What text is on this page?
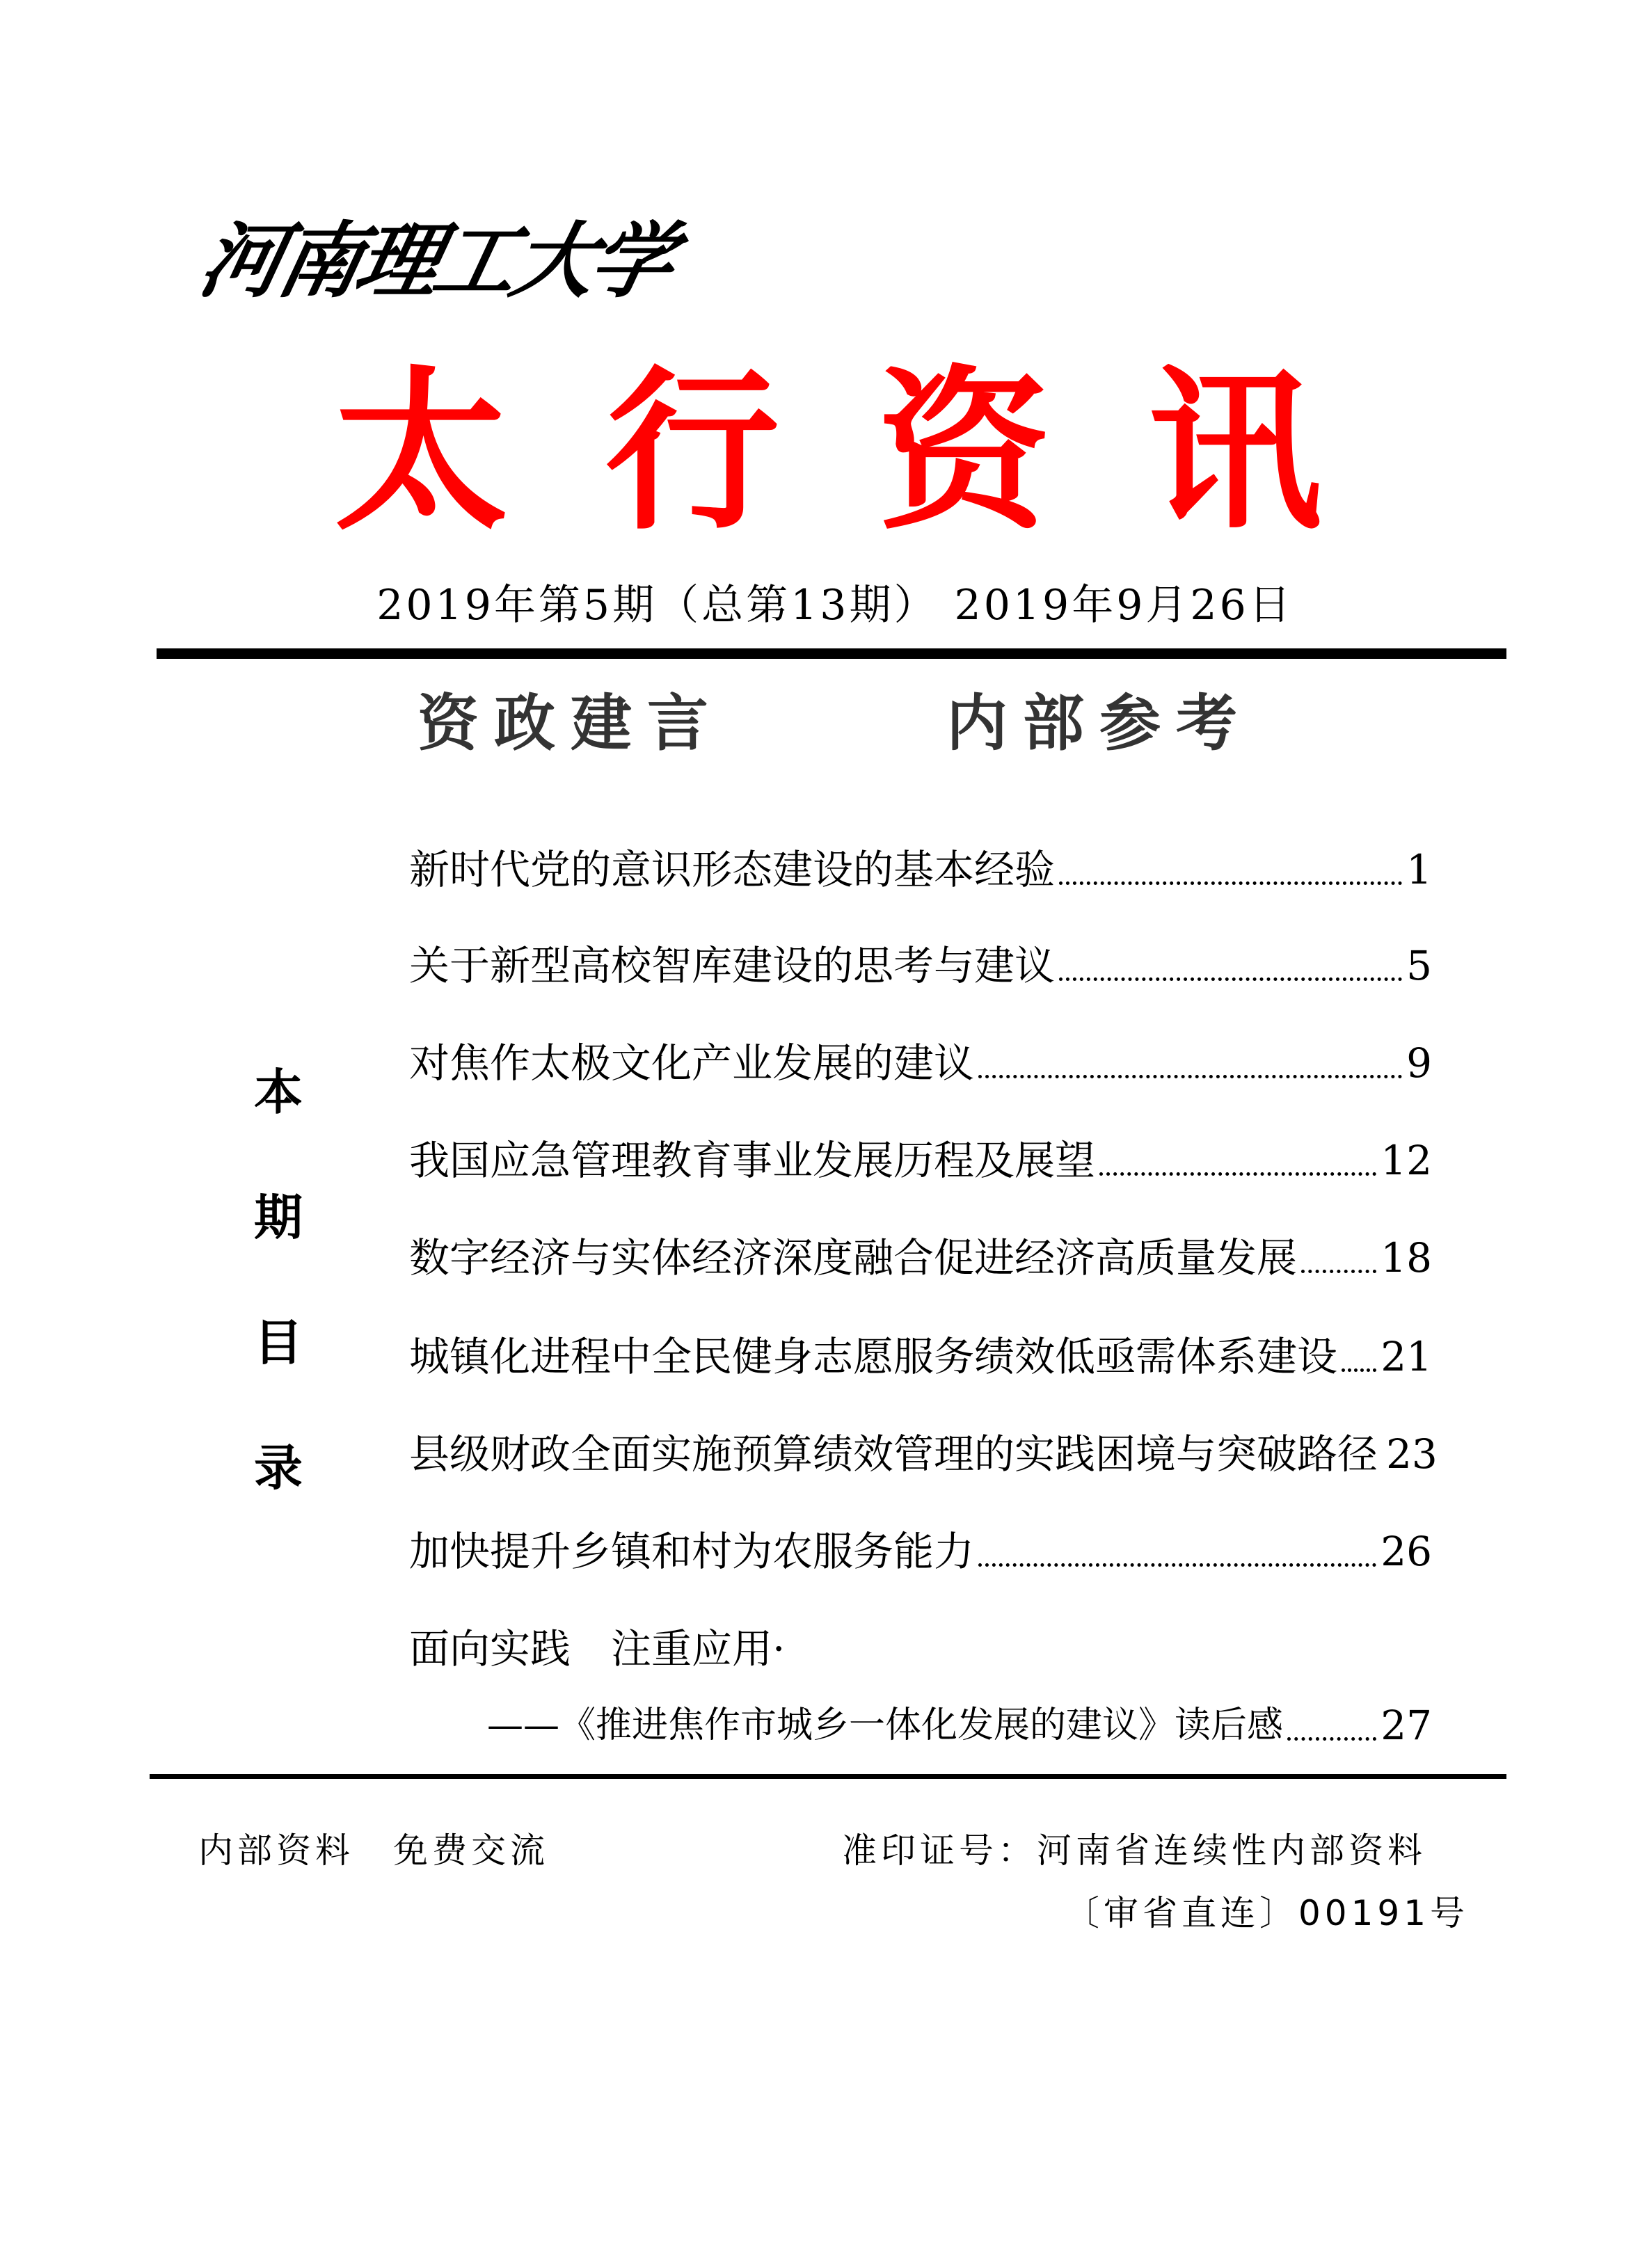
河南理工大学
太 行 资 讯
2019年第5期（总第13期） 2019年9月26日
资政建言	内部参考
本
期
目
录
新时代党的意识形态建设的基本经验	1
关于新型高校智库建设的思考与建议	5
对焦作太极文化产业发展的建议	9
我国应急管理教育事业发展历程及展望	12
数字经济与实体经济深度融合促进经济高质量发展 18
城镇化进程中全民健身志愿服务绩效低亟需体系建设 21
县级财政全面实施预算绩效管理的实践困境与突破路径 23
加快提升乡镇和村为农服务能力	26
面向实践　注重应用·
——《推进焦作市城乡一体化发展的建议》读后感 27
内部资料　免费交流	准印证号：河南省连续性内部资料
〔审省直连〕00191号
